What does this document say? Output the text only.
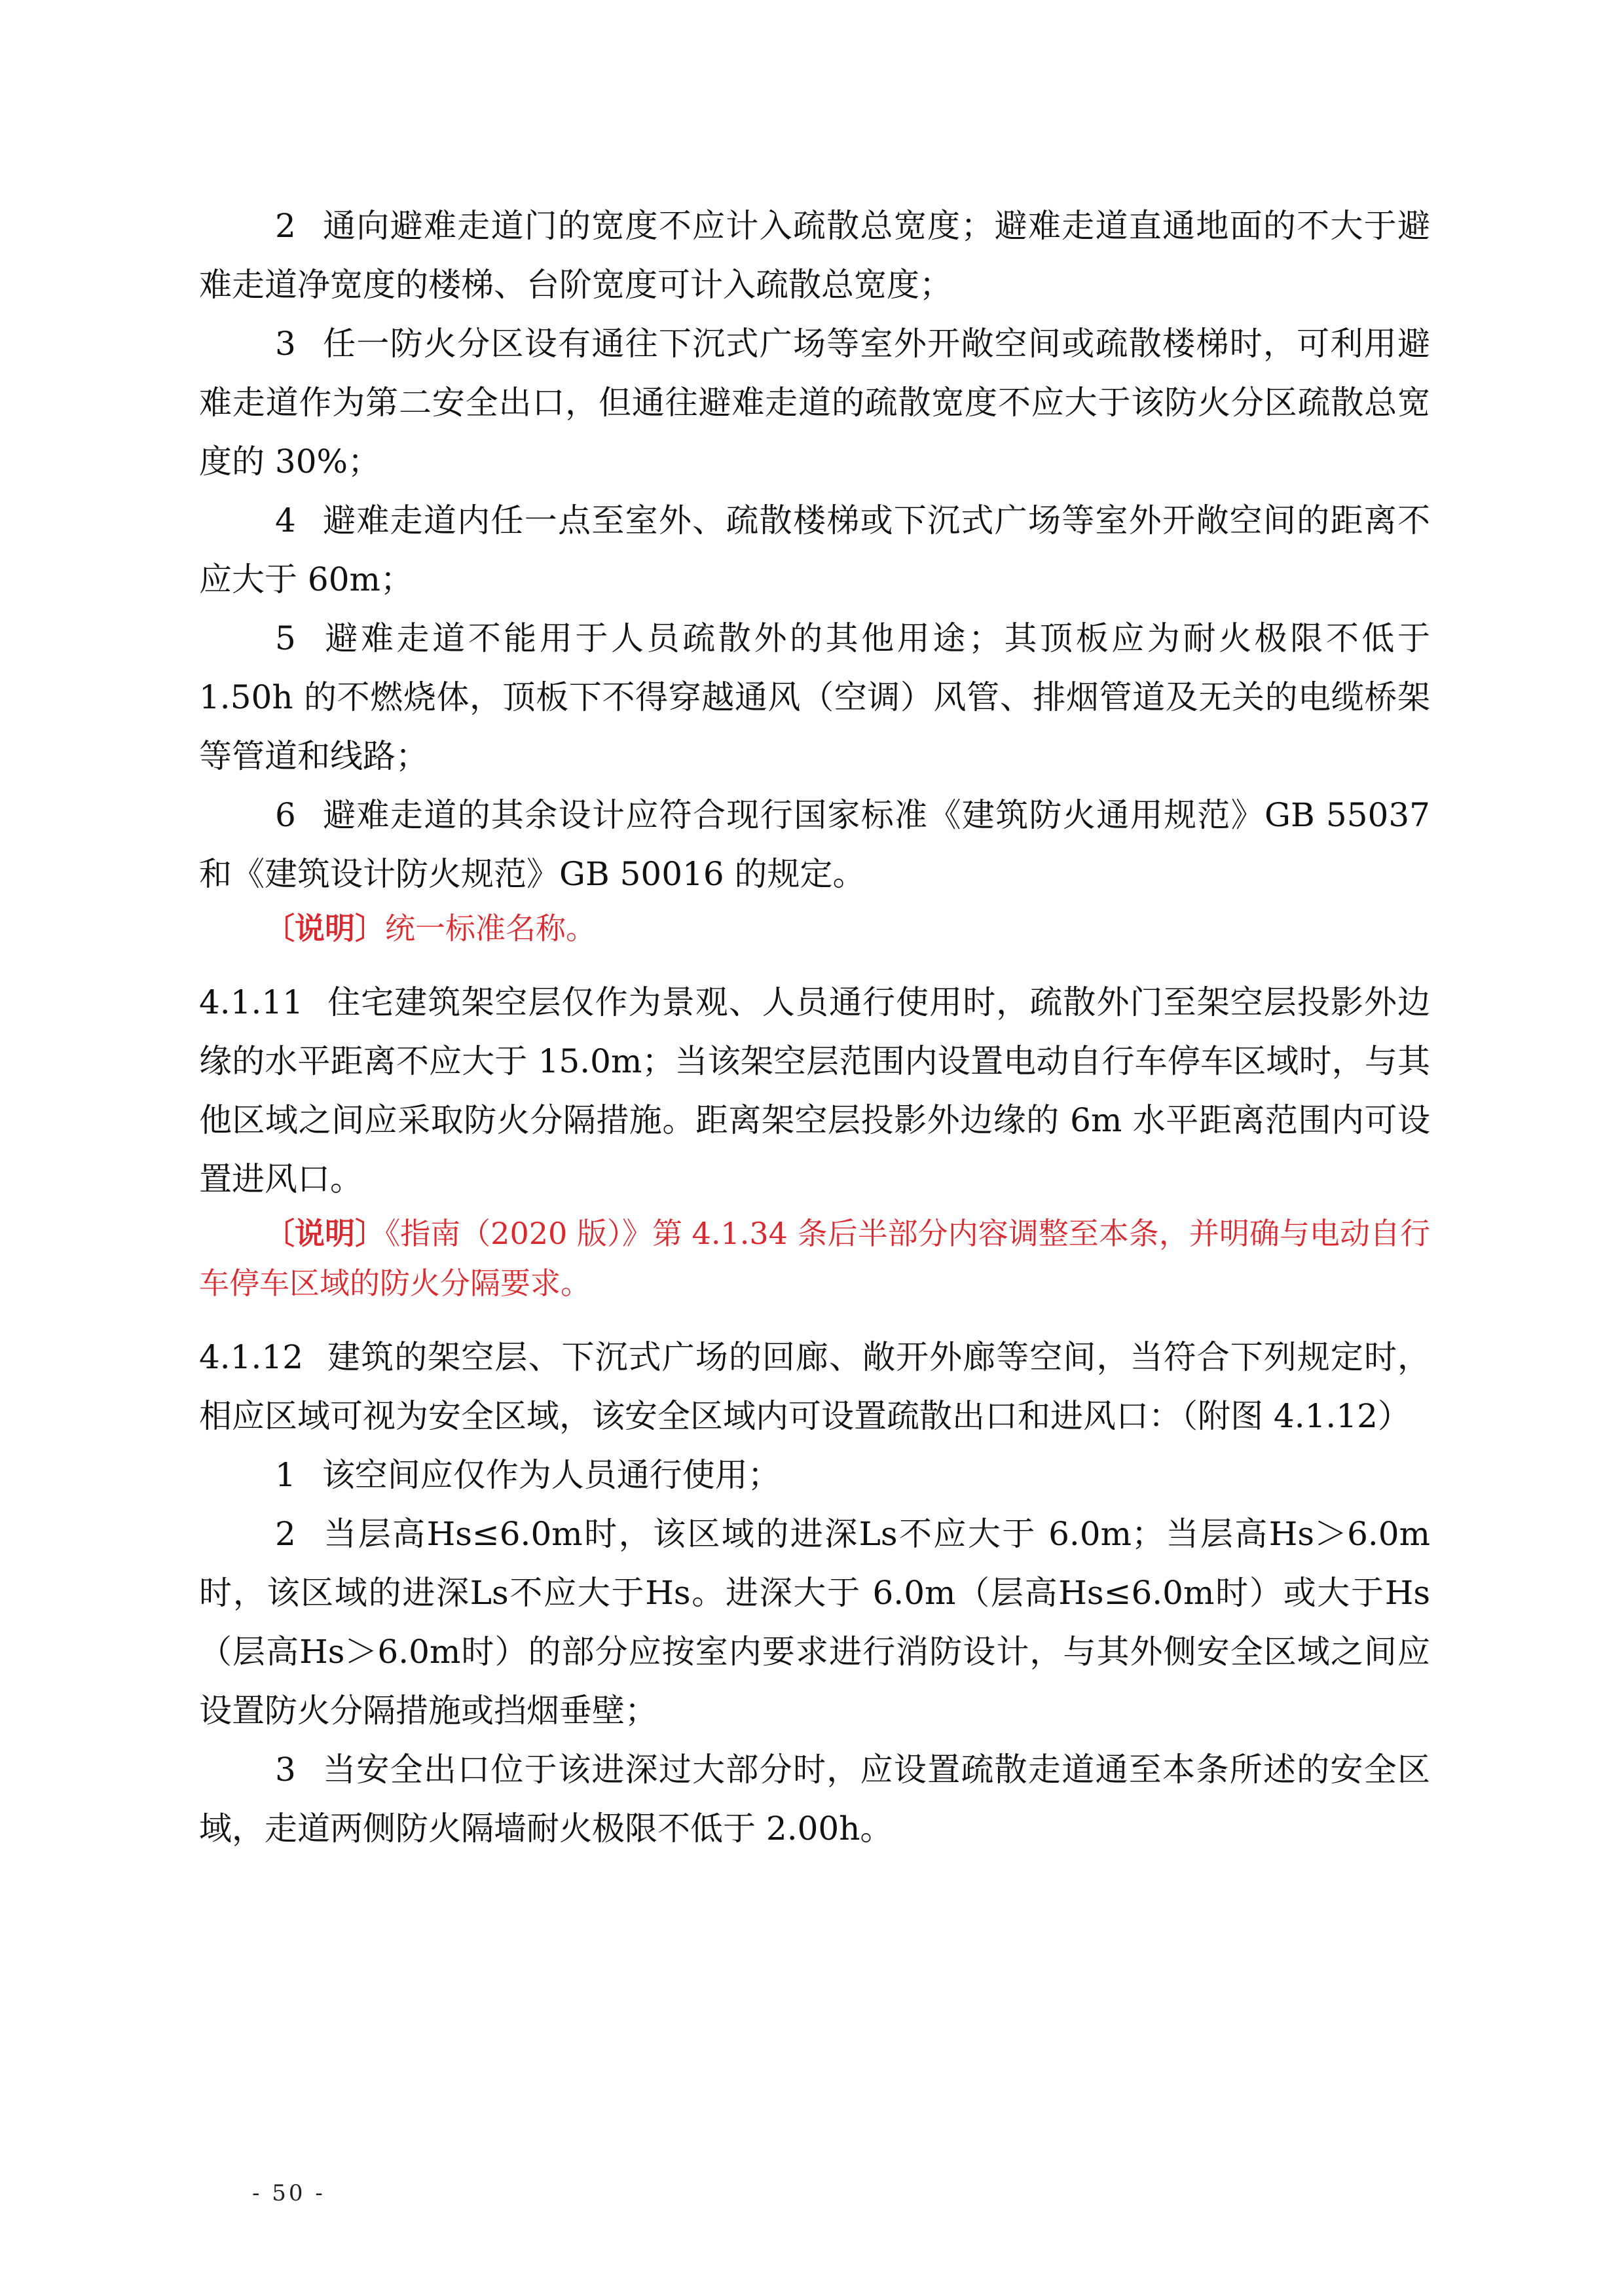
2 通向避难走道门的宽度不应计入疏散总宽度；避难走道直通地面的不大于避难走道净宽度的楼梯、台阶宽度可计入疏散总宽度；

3 任一防火分区设有通往下沉式广场等室外开敞空间或疏散楼梯时，可利用避难走道作为第二安全出口，但通往避难走道的疏散宽度不应大于该防火分区疏散总宽度的 30%；

4 避难走道内任一点至室外、疏散楼梯或下沉式广场等室外开敞空间的距离不应大于 60m；

5 避难走道不能用于人员疏散外的其他用途；其顶板应为耐火极限不低于 1.50h 的不燃烧体，顶板下不得穿越通风（空调）风管、排烟管道及无关的电缆桥架等管道和线路；

6 避难走道的其余设计应符合现行国家标准《建筑防火通用规范》GB 55037 和《建筑设计防火规范》GB 50016 的规定。

〔说明〕统一标准名称。

4.1.11 住宅建筑架空层仅作为景观、人员通行使用时，疏散外门至架空层投影外边缘的水平距离不应大于 15.0m；当该架空层范围内设置电动自行车停车区域时，与其他区域之间应采取防火分隔措施。距离架空层投影外边缘的 6m 水平距离范围内可设置进风口。

〔说明〕《指南（2020 版）》第 4.1.34 条后半部分内容调整至本条，并明确与电动自行车停车区域的防火分隔要求。

4.1.12 建筑的架空层、下沉式广场的回廊、敞开外廊等空间，当符合下列规定时，相应区域可视为安全区域，该安全区域内可设置疏散出口和进风口：（附图 4.1.12）

1 该空间应仅作为人员通行使用；

2 当层高Hs≤6.0m时，该区域的进深Ls不应大于 6.0m；当层高Hs＞6.0m时，该区域的进深Ls不应大于Hs。进深大于 6.0m（层高Hs≤6.0m时）或大于Hs（层高Hs＞6.0m时）的部分应按室内要求进行消防设计，与其外侧安全区域之间应设置防火分隔措施或挡烟垂壁；

3 当安全出口位于该进深过大部分时，应设置疏散走道通至本条所述的安全区域，走道两侧防火隔墙耐火极限不低于 2.00h。

- 50 -
